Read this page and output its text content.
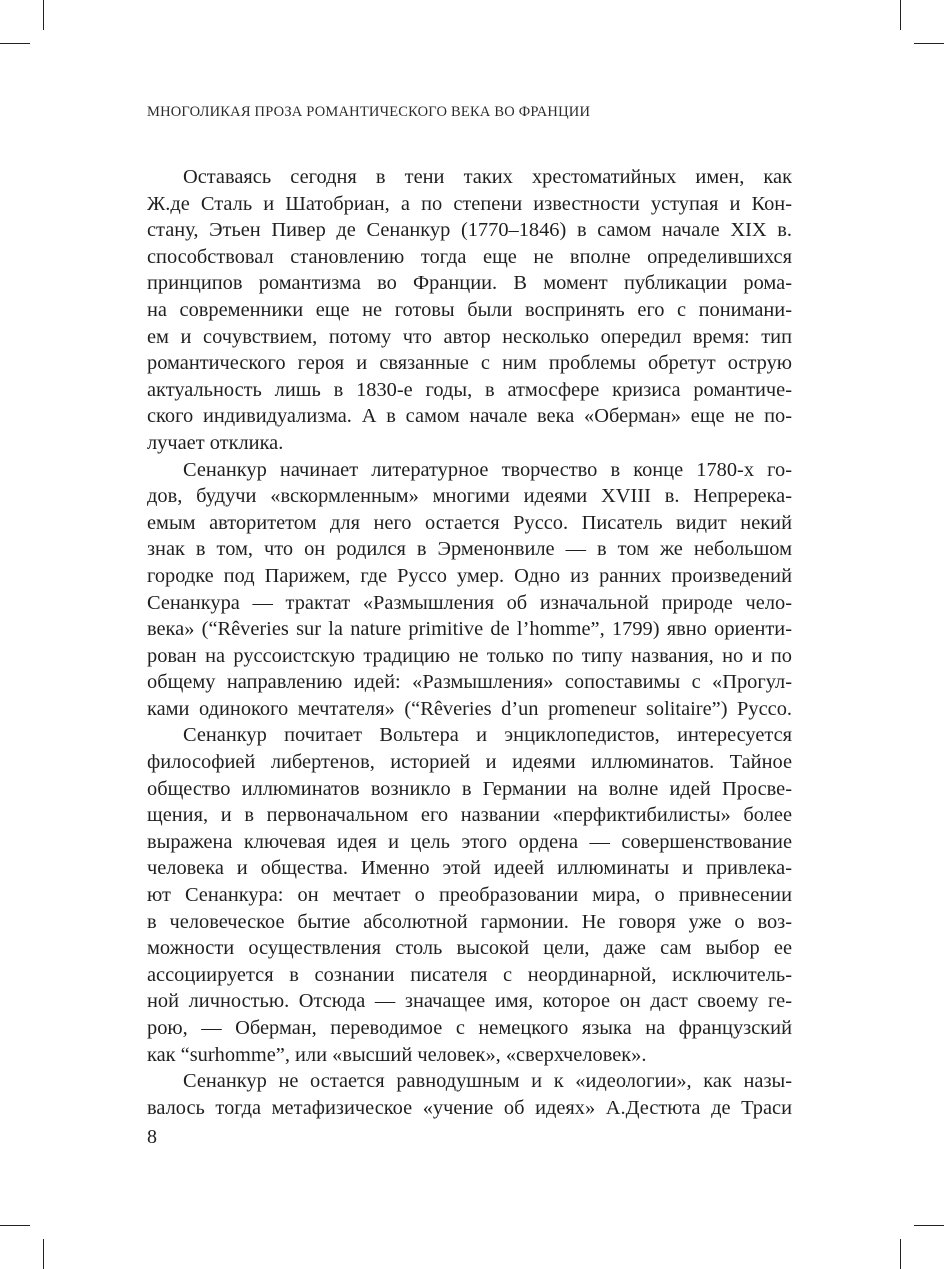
МНОГОЛИКАЯ ПРОЗА РОМАНТИЧЕСКОГО ВЕКА ВО ФРАНЦИИ
Оставаясь сегодня в тени таких хрестоматийных имен, как
Ж.де Сталь и Шатобриан, а по степени известности уступая и Кон-
стану, Этьен Пивер де Сенанкур (1770–1846) в самом начале XIX в.
способствовал становлению тогда еще не вполне определившихся
принципов романтизма во Франции. В момент публикации рома-
на современники еще не готовы были воспринять его с понимани-
ем и сочувствием, потому что автор несколько опередил время: тип
романтического героя и связанные с ним проблемы обретут острую
актуальность лишь в 1830-е годы, в атмосфере кризиса романтиче-
ского индивидуализма. А в самом начале века «Оберман» еще не по-
лучает отклика.
Сенанкур начинает литературное творчество в конце 1780-х го-
дов, будучи «вскормленным» многими идеями XVIII в. Непререка-
емым авторитетом для него остается Руссо. Писатель видит некий
знак в том, что он родился в Эрменонвиле — в том же небольшом
городке под Парижем, где Руссо умер. Одно из ранних произведений
Сенанкура — трактат «Размышления об изначальной природе чело-
века» (“Rêveries sur la nature primitive de l’homme”, 1799) явно ориенти-
рован на руссоистскую традицию не только по типу названия, но и по
общему направлению идей: «Размышления» сопоставимы с «Прогул-
ками одинокого мечтателя» (“Rêveries d’un promeneur solitaire”) Руссо.
Сенанкур почитает Вольтера и энциклопедистов, интересуется
философией либертенов, историей и идеями иллюминатов. Тайное
общество иллюминатов возникло в Германии на волне идей Просве-
щения, и в первоначальном его названии «перфиктибилисты» более
выражена ключевая идея и цель этого ордена — совершенствование
человека и общества. Именно этой идеей иллюминаты и привлека-
ют Сенанкура: он мечтает о преобразовании мира, о привнесении
в человеческое бытие абсолютной гармонии. Не говоря уже о воз-
можности осуществления столь высокой цели, даже сам выбор ее
ассоциируется в сознании писателя с неординарной, исключитель-
ной личностью. Отсюда — значащее имя, которое он даст своему ге-
рою, — Оберман, переводимое с немецкого языка на французский
как “surhomme”, или «высший человек», «сверхчеловек».
Сенанкур не остается равнодушным и к «идеологии», как назы-
валось тогда метафизическое «учение об идеях» А.Дестюта де Траси
8
